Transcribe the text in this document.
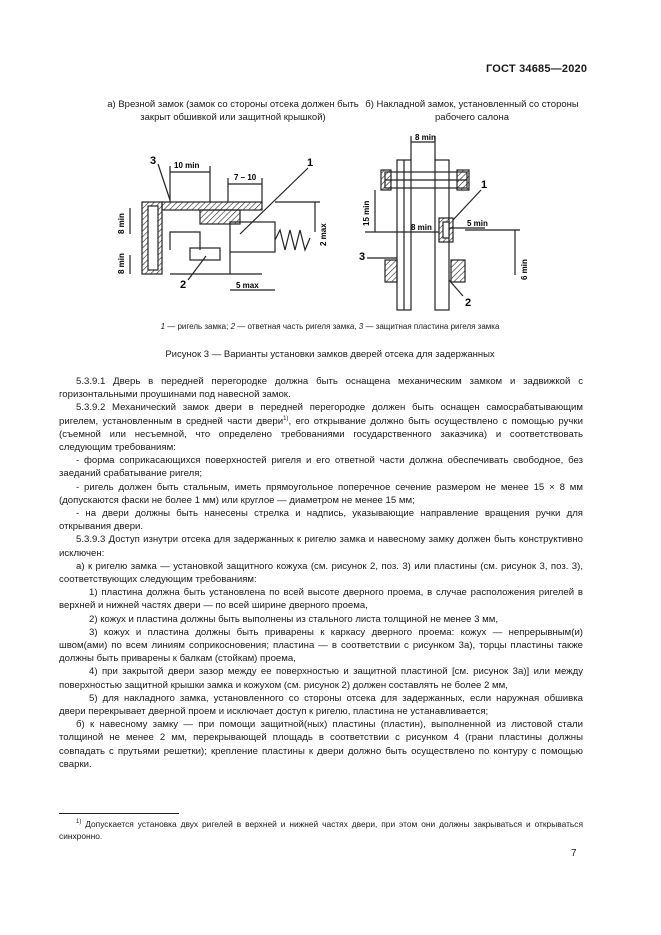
ГОСТ 34685—2020
а) Врезной замок (замок со стороны отсека должен быть закрыт обшивкой или защитной крышкой)
б) Накладной замок, установленный со стороны рабочего салона
3	1
2
10 min
7 – 10
2 max
5 max
8 min
8 min
8 min
15 min
8 min	5 min
6 min
1
3
2
1 — ригель замка; 2 — ответная часть ригеля замка, 3 — защитная пластина ригеля замка
Рисунок 3 — Варианты установки замков дверей отсека для задержанных

5.3.9.1 Дверь в передней перегородке должна быть оснащена механическим замком и задвижкой с горизонтальными проушинами под навесной замок.

5.3.9.2 Механический замок двери в передней перегородке должен быть оснащен самосрабатывающим ригелем, установленным в средней части двери$^{1)}$, его открывание должно быть осуществлено с помощью ручки (съемной или несъемной, что определено требованиями государственного заказчика) и соответствовать следующим требованиям:

- форма соприкасающихся поверхностей ригеля и его ответной части должна обеспечивать свободное, без заеданий срабатывание ригеля;

- ригель должен быть стальным, иметь прямоугольное поперечное сечение размером не менее 15 × 8 мм (допускаются фаски не более 1 мм) или круглое — диаметром не менее 15 мм;

- на двери должны быть нанесены стрелка и надпись, указывающие направление вращения ручки для открывания двери.

5.3.9.3 Доступ изнутри отсека для задержанных к ригелю замка и навесному замку должен быть конструктивно исключен:

а) к ригелю замка — установкой защитного кожуха (см. рисунок 2, поз. 3) или пластины (см. рисунок 3, поз. 3), соответствующих следующим требованиям:

1) пластина должна быть установлена по всей высоте дверного проема, в случае расположения ригелей в верхней и нижней частях двери — по всей ширине дверного проема,

2) кожух и пластина должны быть выполнены из стального листа толщиной не менее 3 мм,

3) кожух и пластина должны быть приварены к каркасу дверного проема: кожух — непрерывным(и) швом(ами) по всем линиям соприкосновения; пластина — в соответствии с рисунком 3а), торцы пластины также должны быть приварены к балкам (стойкам) проема,

4) при закрытой двери зазор между ее поверхностью и защитной пластиной [см. рисунок 3а)] или между поверхностью защитной крышки замка и кожухом (см. рисунок 2) должен составлять не более 2 мм,

5) для накладного замка, установленного со стороны отсека для задержанных, если наружная обшивка двери перекрывает дверной проем и исключает доступ к ригелю, пластина не устанавливается;

б) к навесному замку — при помощи защитной(ных) пластины (пластин), выполненной из листовой стали толщиной не менее 2 мм, перекрывающей площадь в соответствии с рисунком 4 (грани пластины должны совпадать с прутьями решетки); крепление пластины к двери должно быть осуществлено по контуру с помощью сварки.

$^{1)}$ Допускается установка двух ригелей в верхней и нижней частях двери, при этом они должны закрываться и открываться синхронно.

7
